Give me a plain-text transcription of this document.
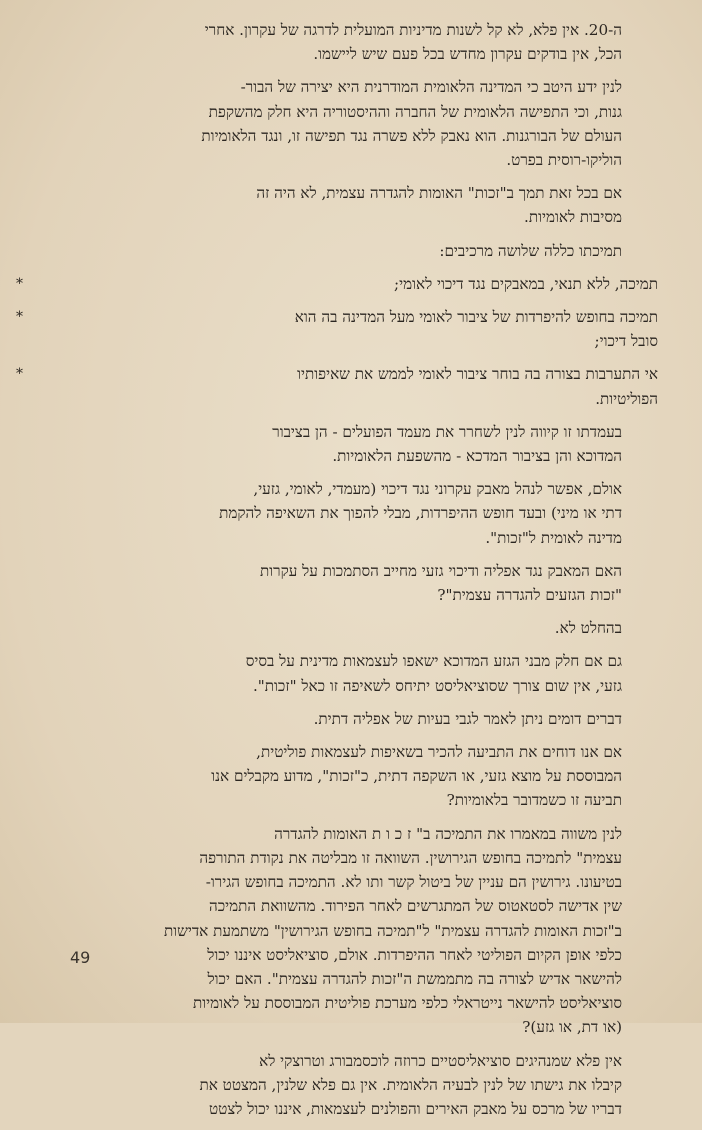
ה-20. אין פלא, לא קל לשנות מדיניות המועלית לדרגה של עקרון. אחרי
הכל, אין בודקים עקרון מחדש בכל פעם שיש ליישמו.

לנין ידע היטב כי המדינה הלאומית המודרנית היא יצירה של הבור-
גנות, וכי התפישה הלאומית של החברה וההיסטוריה היא חלק מהשקפת
העולם של הבורגנות. הוא נאבק ללא פשרה נגד תפישה זו, ונגד הלאומיות
הוליקו-רוסית בפרט.

אם בכל זאת תמך ב"זכות" האומות להגדרה עצמית, לא היה זה
מסיבות לאומיות.

תמיכתו כללה שלושה מרכיבים:

*	תמיכה, ללא תנאי, במאבקים נגד דיכוי לאומי;
*	תמיכה בחופש להיפרדות של ציבור לאומי מעל המדינה בה הוא
סובל דיכוי;
*	אי התערבות בצורה בה בוחר ציבור לאומי לממש את שאיפותיו
הפוליטיות.

בעמדתו זו קיווה לנין לשחרר את מעמד הפועלים - הן בציבור
המדוכא והן בציבור המדכא - מהשפעת הלאומיות.

אולם, אפשר לנהל מאבק עקרוני נגד דיכוי (מעמדי, לאומי, גזעי,
דתי או מיני) ובעד חופש ההיפרדות, מבלי להפוך את השאיפה להקמת
מדינה לאומית ל"זכות".

האם המאבק נגד אפליה ודיכוי גזעי מחייב הסתמכות על עקרות
"זכות הגזעים להגדרה עצמית"?

בהחלט לא.

גם אם חלק מבני הגזע המדוכא ישאפו לעצמאות מדינית על בסיס
גזעי, אין שום צורך שסוציאליסט יתיחס לשאיפה זו כאל "זכות".

דברים דומים ניתן לאמר לגבי בעיות של אפליה דתית.

אם אנו דוחים את התביעה להכיר בשאיפות לעצמאות פוליטית,
המבוססת על מוצא גזעי, או השקפה דתית, כ"זכות", מדוע מקבלים אנו
תביעה זו כשמדובר בלאומיות?

לנין משווה במאמרו את התמיכה ב" ז כ ו ת האומות להגדרה
עצמית" לתמיכה בחופש הגירושין. השוואה זו מבליטה את נקודת התורפה
בטיעונו. גירושין הם עניין של ביטול קשר ותו לא. התמיכה בחופש הגירו-
שין אדישה לסטאטוס של המתגרשים לאחר הפירוד. מהשוואת התמיכה
ב"זכות האומות להגדרה עצמית" ל"תמיכה בחופש הגירושין" משתמעת אדישות
כלפי אופן הקיום הפוליטי לאחר ההיפרדות. אולם, סוציאליסט איננו יכול
להישאר אדיש לצורה בה מתממשת ה"זכות להגדרה עצמית". האם יכול
סוציאליסט להישאר נייטראלי כלפי מערכת פוליטית המבוססת על לאומיות
(או דת, או גזע)?

אין פלא שמנהיגים סוציאליסטיים כרוזה לוכסמבורג וטרוצקי לא
קיבלו את גישתו של לנין לבעיה הלאומית. אין גם פלא שלנין, המצטט את
דבריו של מרכס על מאבק האירים והפולנים לעצמאות, איננו יכול לצטט

49
